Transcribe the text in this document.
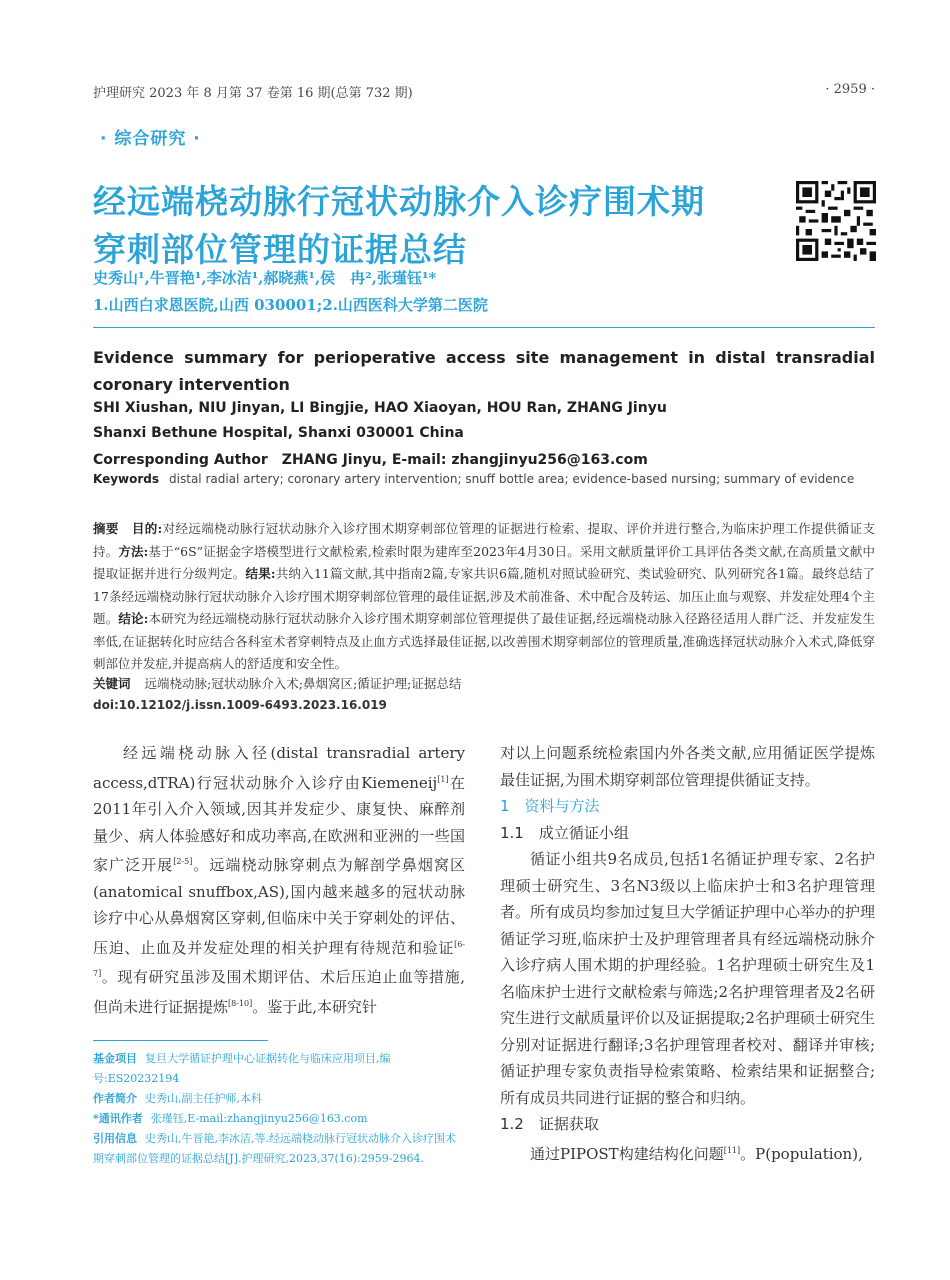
护理研究 2023 年 8 月第 37 卷第 16 期(总第 732 期)	· 2959 ·
· 综合研究 ·
经远端桡动脉行冠状动脉介入诊疗围术期
穿刺部位管理的证据总结
史秀山¹,牛晋艳¹,李冰洁¹,郝晓燕¹,侯　冉²,张瑾钰¹*
1.山西白求恩医院,山西 030001;2.山西医科大学第二医院
Evidence summary for perioperative access site management in distal transradial coronary intervention
SHI Xiushan, NIU Jinyan, LI Bingjie, HAO Xiaoyan, HOU Ran, ZHANG Jinyu
Shanxi Bethune Hospital, Shanxi 030001 China
Corresponding Author　ZHANG Jinyu, E-mail: zhangjinyu256@163.com
Keywords distal radial artery; coronary artery intervention; snuff bottle area; evidence-based nursing; summary of evidence
摘要 目的:对经远端桡动脉行冠状动脉介入诊疗围术期穿刺部位管理的证据进行检索、提取、评价并进行整合,为临床护理工作提供循证支持。方法:基于“6S”证据金字塔模型进行文献检索,检索时限为建库至2023年4月30日。采用文献质量评价工具评估各类文献,在高质量文献中提取证据并进行分级判定。结果:共纳入11篇文献,其中指南2篇,专家共识6篇,随机对照试验研究、类试验研究、队列研究各1篇。最终总结了17条经远端桡动脉行冠状动脉介入诊疗围术期穿刺部位管理的最佳证据,涉及术前准备、术中配合及转运、加压止血与观察、并发症处理4个主题。结论:本研究为经远端桡动脉行冠状动脉介入诊疗围术期穿刺部位管理提供了最佳证据,经远端桡动脉入径路径适用人群广泛、并发症发生率低,在证据转化时应结合各科室术者穿刺特点及止血方式选择最佳证据,以改善围术期穿刺部位的管理质量,准确选择冠状动脉介入术式,降低穿刺部位并发症,并提高病人的舒适度和安全性。
关键词 远端桡动脉;冠状动脉介入术;鼻烟窝区;循证护理;证据总结
doi:10.12102/j.issn.1009-6493.2023.16.019

经远端桡动脉入径(distal transradial artery access,dTRA)行冠状动脉介入诊疗由Kiemeneij[1]在2011年引入介入领域,因其并发症少、康复快、麻醉剂量少、病人体验感好和成功率高,在欧洲和亚洲的一些国家广泛开展[2-5]。远端桡动脉穿刺点为解剖学鼻烟窝区(anatomical snuffbox,AS),国内越来越多的冠状动脉诊疗中心从鼻烟窝区穿刺,但临床中关于穿刺处的评估、压迫、止血及并发症处理的相关护理有待规范和验证[6-7]。现有研究虽涉及围术期评估、术后压迫止血等措施,但尚未进行证据提炼[8-10]。鉴于此,本研究针

对以上问题系统检索国内外各类文献,应用循证医学提炼最佳证据,为围术期穿刺部位管理提供循证支持。

1　资料与方法

1.1　成立循证小组

循证小组共9名成员,包括1名循证护理专家、2名护理硕士研究生、3名N3级以上临床护士和3名护理管理者。所有成员均参加过复旦大学循证护理中心举办的护理循证学习班,临床护士及护理管理者具有经远端桡动脉介入诊疗病人围术期的护理经验。1名护理硕士研究生及1名临床护士进行文献检索与筛选;2名护理管理者及2名研究生进行文献质量评价以及证据提取;2名护理硕士研究生分别对证据进行翻译;3名护理管理者校对、翻译并审核;循证护理专家负责指导检索策略、检索结果和证据整合;所有成员共同进行证据的整合和归纳。

1.2　证据获取

通过PIPOST构建结构化问题[11]。P(population),

基金项目 复旦大学循证护理中心证据转化与临床应用项目,编号:ES20232194

作者简介 史秀山,副主任护师,本科

*通讯作者 张瑾钰,E-mail:zhangjinyu256@163.com

引用信息 史秀山,牛晋艳,李冰洁,等.经远端桡动脉行冠状动脉介入诊疗围术期穿刺部位管理的证据总结[J].护理研究,2023,37(16):2959-2964.
